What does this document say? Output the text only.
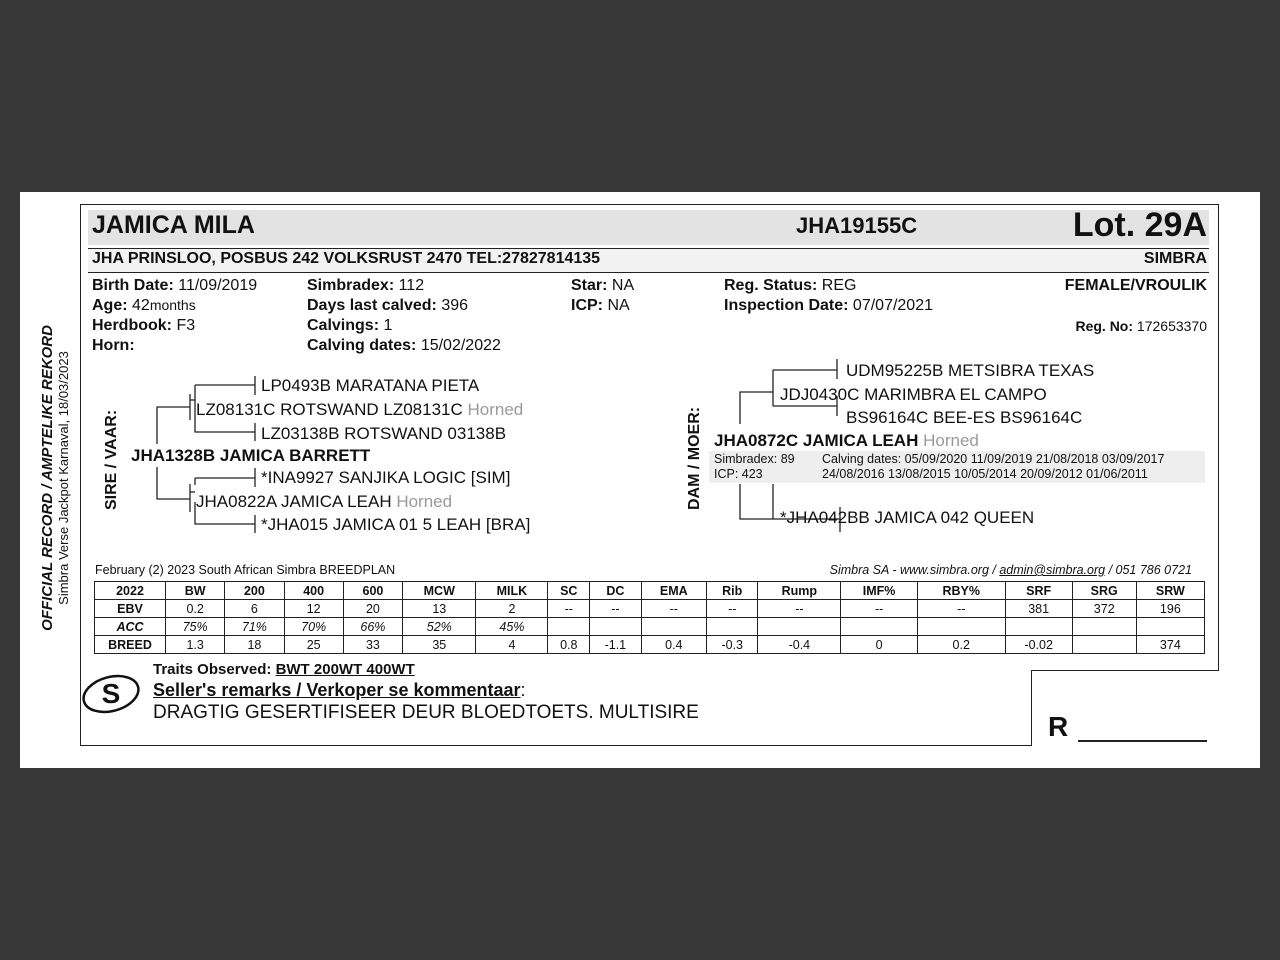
OFFICIAL RECORD / AMPTELIKE REKORD Simbra Verse Jackpot Karnaval, 18/03/2023
JAMICA MILA	JHA19155C	Lot. 29A
JHA PRINSLOO, POSBUS 242 VOLKSRUST 2470 TEL:27827814135	SIMBRA
Birth Date: 11/09/2019
Age: 42months
Herdbook: F3
Horn:
Simbradex: 112
Days last calved: 396
Calvings: 1
Calving dates: 15/02/2022
Star: NA
ICP: NA
Reg. Status: REG
Inspection Date: 07/07/2021
FEMALE/VROULIK
Reg. No: 172653370
SIRE / VAAR:
LP0493B MARATANA PIETA
LZ08131C ROTSWAND LZ08131C Horned
LZ03138B ROTSWAND 03138B
JHA1328B JAMICA BARRETT
*INA9927 SANJIKA LOGIC [SIM]
JHA0822A JAMICA LEAH Horned
*JHA015 JAMICA 01 5 LEAH [BRA]
DAM / MOER:
UDM95225B METSIBRA TEXAS
JDJ0430C MARIMBRA EL CAMPO
BS96164C BEE-ES BS96164C
JHA0872C JAMICA LEAH Horned
Simbradex: 89
ICP: 423
Calving dates: 05/09/2020 11/09/2019 21/08/2018 03/09/2017
24/08/2016 13/08/2015 10/05/2014 20/09/2012 01/06/2011
*JHA042BB JAMICA 042 QUEEN
February (2) 2023 South African Simbra BREEDPLAN	Simbra SA - www.simbra.org / admin@simbra.org / 051 786 0721
2022	BW	200	400	600	MCW	MILK	SC	DC	EMA	Rib	Rump	IMF%	RBY%	SRF	SRG	SRW
EBV	0.2	6	12	20	13	2	--	--	--	--	--	--	--	381	372	196
ACC	75%	71%	70%	66%	52%	45%										
BREED	1.3	18	25	33	35	4	0.8	-1.1	0.4	-0.3	-0.4	0	0.2	-0.02		374
S
Traits Observed: BWT 200WT 400WT
Seller's remarks / Verkoper se kommentaar:
DRAGTIG GESERTIFISEER DEUR BLOEDTOETS. MULTISIRE	R
